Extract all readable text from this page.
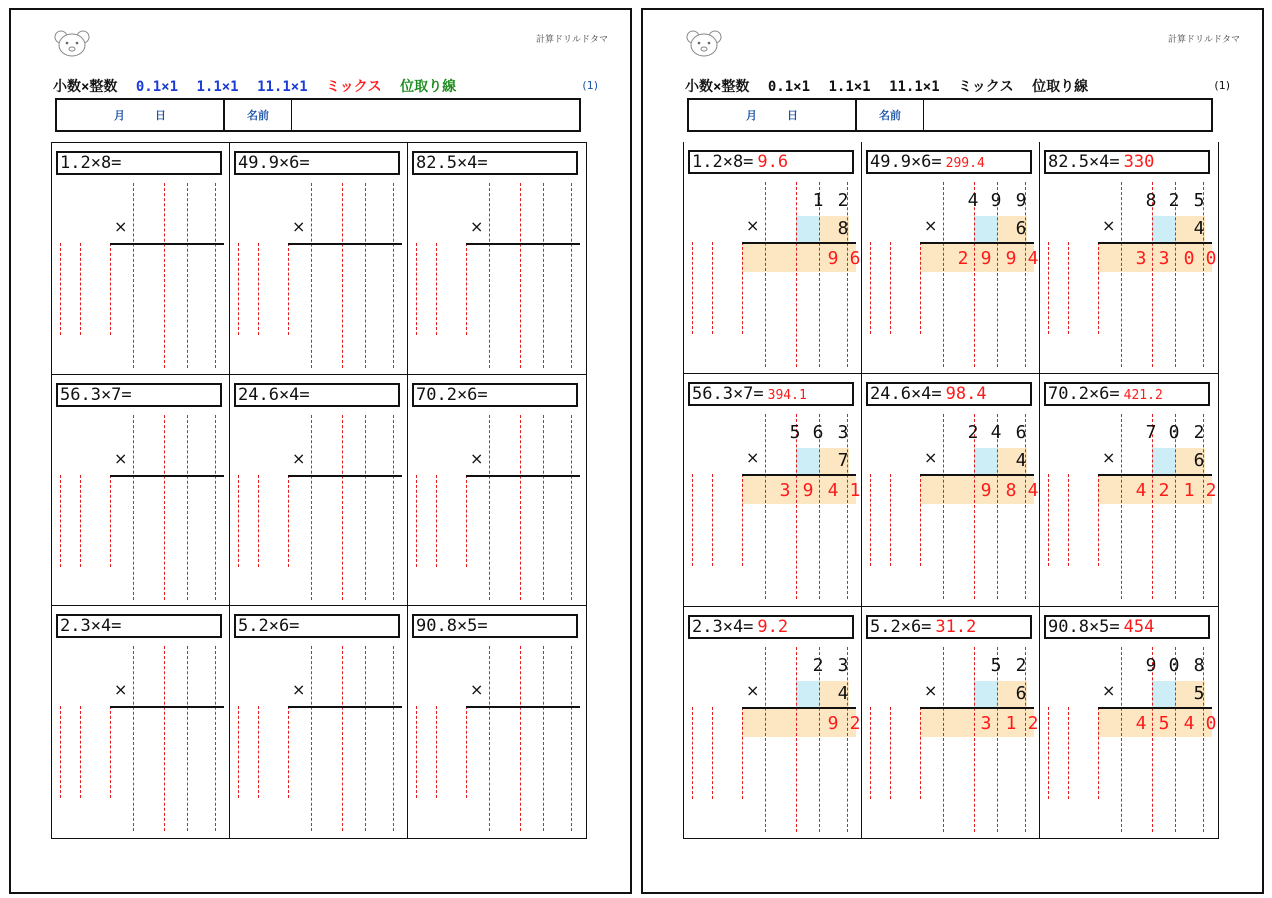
計算ドリルドタマ
小数×整数 0.1×1 1.1×1 11.1×1 ミックス 位取り線	(1)
月	日	名前
1.2×8=
×
49.9×6=
×
82.5×4=
×
56.3×7=
×
24.6×4=
×
70.2×6=
×
2.3×4=
×
5.2×6=
×
90.8×5=
×
計算ドリルドタマ
小数×整数 0.1×1 1.1×1 11.1×1 ミックス 位取り線	(1)
月	日	名前
1.2×8= 9.6
×
1 2
8
9 6
49.9×6= 299.4
×
4 9 9
6
2 9 9 4
82.5×4= 330
×
8 2 5
4
3 3 0 0
56.3×7= 394.1
×
5 6 3
7
3 9 4 1
24.6×4= 98.4
×
2 4 6
4
9 8 4
70.2×6= 421.2
×
7 0 2
6
4 2 1 2
2.3×4= 9.2
×
2 3
4
9 2
5.2×6= 31.2
×
5 2
6
3 1 2
90.8×5= 454
×
9 0 8
5
4 5 4 0
